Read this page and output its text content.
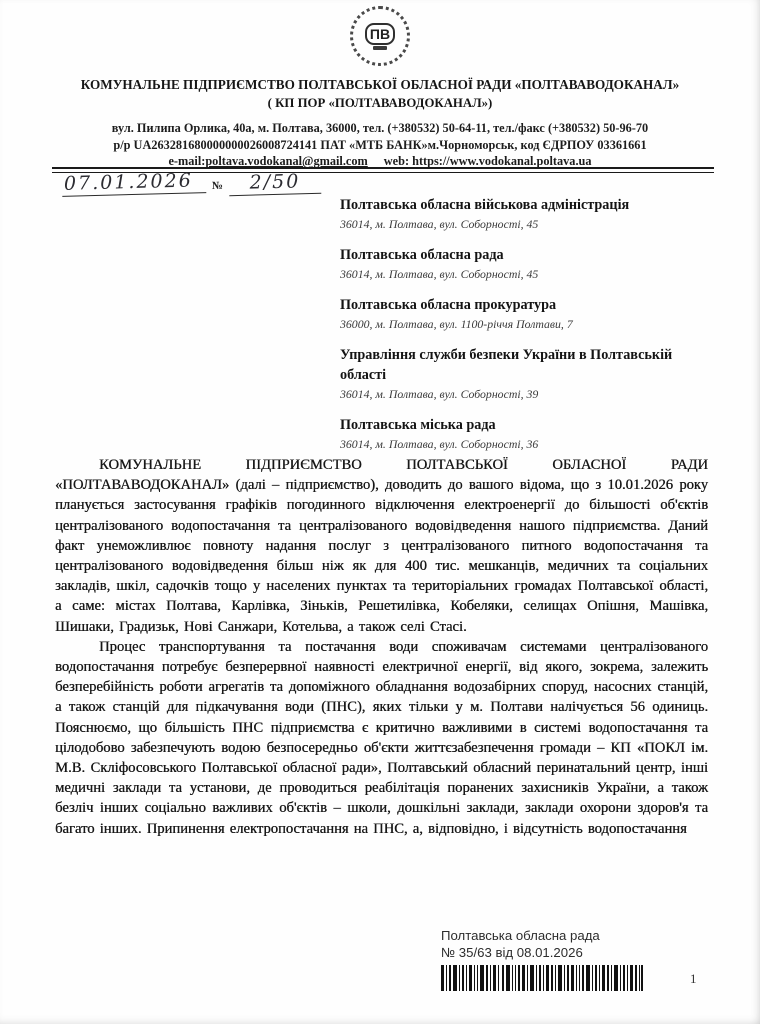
ПВ
КОМУНАЛЬНЕ ПІДПРИЄМСТВО ПОЛТАВСЬКОЇ ОБЛАСНОЇ РАДИ «ПОЛТАВАВОДОКАНАЛ»
( КП ПОР «ПОЛТАВАВОДОКАНАЛ»)
вул. Пилипа Орлика, 40а, м. Полтава, 36000, тел. (+380532) 50-64-11, тел./факс (+380532) 50-96-70
р/р UA263281680000000026008724141 ПАТ «МТБ БАНК»м.Чорноморськ, код ЄДРПОУ 03361661
e-mail:poltava.vodokanal@gmail.com web: https://www.vodokanal.poltava.ua
07.01.2026	№	2/50
Полтавська обласна військова адміністрація
36014, м. Полтава, вул. Соборності, 45
Полтавська обласна рада
36014, м. Полтава, вул. Соборності, 45
Полтавська обласна прокуратура
36000, м. Полтава, вул. 1100-річчя Полтави, 7
Управління служби безпеки України в Полтавській області
36014, м. Полтава, вул. Соборності, 39
Полтавська міська рада
36014, м. Полтава, вул. Соборності, 36

КОМУНАЛЬНЕ ПІДПРИЄМСТВО ПОЛТАВСЬКОЇ ОБЛАСНОЇ РАДИ «ПОЛТАВАВОДОКАНАЛ» (далі – підприємство), доводить до вашого відома, що з 10.01.2026 року планується застосування графіків погодинного відключення електроенергії до більшості об'єктів централізованого водопостачання та централізованого водовідведення нашого підприємства. Даний факт унеможливлює повноту надання послуг з централізованого питного водопостачання та централізованого водовідведення більш ніж як для 400 тис. мешканців, медичних та соціальних закладів, шкіл, садочків тощо у населених пунктах та територіальних громадах Полтавської області, а саме: містах Полтава, Карлівка, Зіньків, Решетилівка, Кобеляки, селищах Опішня, Машівка, Шишаки, Градизьк, Нові Санжари, Котельва, а також селі Стасі.

Процес транспортування та постачання води споживачам системами централізованого водопостачання потребує безперервної наявності електричної енергії, від якого, зокрема, залежить безперебійність роботи агрегатів та допоміжного обладнання водозабірних споруд, насосних станцій, а також станцій для підкачування води (ПНС), яких тільки у м. Полтави налічується 56 одиниць. Пояснюємо, що більшість ПНС підприємства є критично важливими в системі водопостачання та цілодобово забезпечують водою безпосередньо об'єкти життєзабезпечення громади – КП «ПОКЛ ім. М.В. Скліфосовського Полтавської обласної ради», Полтавський обласний перинатальний центр, інші медичні заклади та установи, де проводиться реабілітація поранених захисників України, а також безліч інших соціально важливих об'єктів – школи, дошкільні заклади, заклади охорони здоров'я та багато інших. Припинення електропостачання на ПНС, а, відповідно, і відсутність водопостачання

Полтавська обласна рада
№ 35/63 від 08.01.2026
1
